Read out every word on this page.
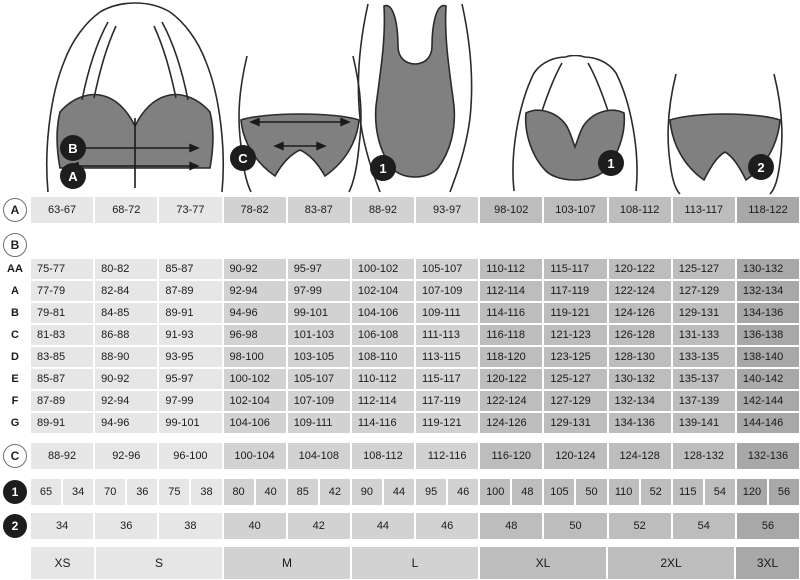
B
A
C
1	1	2
A	63-67	68-72	73-77	78-82	83-87	88-92	93-97	98-102	103-107	108-112	113-117	118-122
B
AA	75-77	80-82	85-87	90-92	95-97	100-102	105-107	110-112	115-117	120-122	125-127	130-132
A	77-79	82-84	87-89	92-94	97-99	102-104	107-109	112-114	117-119	122-124	127-129	132-134
B	79-81	84-85	89-91	94-96	99-101	104-106	109-111	114-116	119-121	124-126	129-131	134-136
C	81-83	86-88	91-93	96-98	101-103	106-108	111-113	116-118	121-123	126-128	131-133	136-138
D	83-85	88-90	93-95	98-100	103-105	108-110	113-115	118-120	123-125	128-130	133-135	138-140
E	85-87	90-92	95-97	100-102	105-107	110-112	115-117	120-122	125-127	130-132	135-137	140-142
F	87-89	92-94	97-99	102-104	107-109	112-114	117-119	122-124	127-129	132-134	137-139	142-144
G	89-91	94-96	99-101	104-106	109-111	114-116	119-121	124-126	129-131	134-136	139-141	144-146
C	88-92	92-96	96-100	100-104	104-108	108-112	112-116	116-120	120-124	124-128	128-132	132-136
1	65	34	70	36	75	38	80	40	85	42	90	44	95	46	100	48	105	50	110	52	115	54	120	56
2	34	36	38	40	42	44	46	48	50	52	54	56
XS	S	M	L	XL	2XL	3XL
